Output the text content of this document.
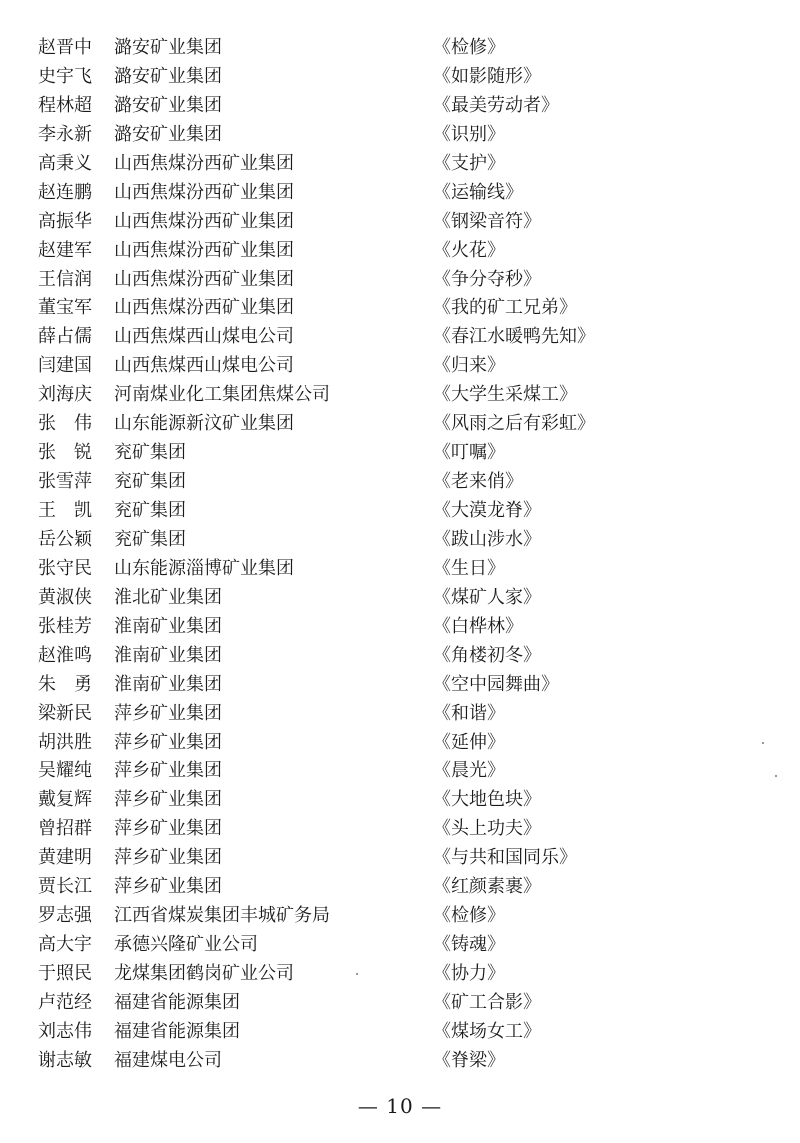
赵晋中	潞安矿业集团	《检修》
史宇飞	潞安矿业集团	《如影随形》
程林超	潞安矿业集团	《最美劳动者》
李永新	潞安矿业集团	《识别》
高秉义	山西焦煤汾西矿业集团	《支护》
赵连鹏	山西焦煤汾西矿业集团	《运输线》
高振华	山西焦煤汾西矿业集团	《钢梁音符》
赵建军	山西焦煤汾西矿业集团	《火花》
王信润	山西焦煤汾西矿业集团	《争分夺秒》
董宝军	山西焦煤汾西矿业集团	《我的矿工兄弟》
薛占儒	山西焦煤西山煤电公司	《春江水暖鸭先知》
闫建国	山西焦煤西山煤电公司	《归来》
刘海庆	河南煤业化工集团焦煤公司	《大学生采煤工》
张　伟	山东能源新汶矿业集团	《风雨之后有彩虹》
张　锐	兖矿集团	《叮嘱》
张雪萍	兖矿集团	《老来俏》
王　凯	兖矿集团	《大漠龙脊》
岳公颖	兖矿集团	《跋山涉水》
张守民	山东能源淄博矿业集团	《生日》
黄淑侠	淮北矿业集团	《煤矿人家》
张桂芳	淮南矿业集团	《白桦林》
赵淮鸣	淮南矿业集团	《角楼初冬》
朱　勇	淮南矿业集团	《空中园舞曲》
梁新民	萍乡矿业集团	《和谐》
胡洪胜	萍乡矿业集团	《延伸》
吴耀纯	萍乡矿业集团	《晨光》
戴复辉	萍乡矿业集团	《大地色块》
曾招群	萍乡矿业集团	《头上功夫》
黄建明	萍乡矿业集团	《与共和国同乐》
贾长江	萍乡矿业集团	《红颜素裹》
罗志强	江西省煤炭集团丰城矿务局	《检修》
高大宇	承德兴隆矿业公司	《铸魂》
于照民	龙煤集团鹤岗矿业公司	《协力》
卢范经	福建省能源集团	《矿工合影》
刘志伟	福建省能源集团	《煤场女工》
谢志敏	福建煤电公司	《脊梁》
— 10 —
